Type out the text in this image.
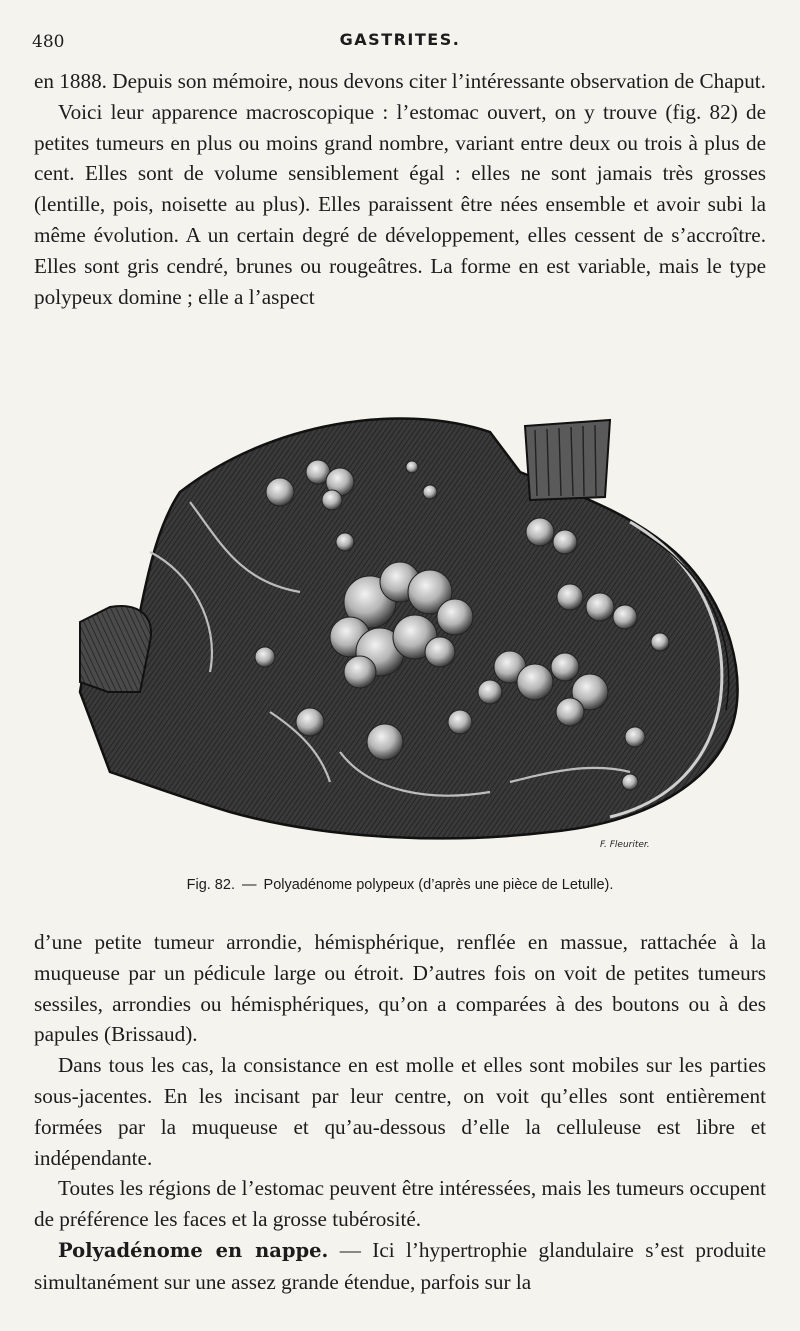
480	GASTRITES.

en 1888. Depuis son mémoire, nous devons citer l’intéressante observation de Chaput.

Voici leur apparence macroscopique : l’estomac ouvert, on y trouve (fig. 82) de petites tumeurs en plus ou moins grand nombre, variant entre deux ou trois à plus de cent. Elles sont de volume sensiblement égal : elles ne sont jamais très grosses (lentille, pois, noisette au plus). Elles paraissent être nées ensemble et avoir subi la même évolution. A un certain degré de développement, elles cessent de s’accroître. Elles sont gris cendré, brunes ou rougeâtres. La forme en est variable, mais le type polypeux domine ; elle a l’aspect

F. Fleuriter.
Fig. 82. — Polyadénome polypeux (d’après une pièce de Letulle).

d’une petite tumeur arrondie, hémisphérique, renflée en massue, rattachée à la muqueuse par un pédicule large ou étroit. D’autres fois on voit de petites tumeurs sessiles, arrondies ou hémisphériques, qu’on a comparées à des boutons ou à des papules (Brissaud).

Dans tous les cas, la consistance en est molle et elles sont mobiles sur les parties sous-jacentes. En les incisant par leur centre, on voit qu’elles sont entièrement formées par la muqueuse et qu’au-dessous d’elle la celluleuse est libre et indépendante.

Toutes les régions de l’estomac peuvent être intéressées, mais les tumeurs occupent de préférence les faces et la grosse tubérosité.

Polyadénome en nappe. — Ici l’hypertrophie glandulaire s’est produite simultanément sur une assez grande étendue, parfois sur la
